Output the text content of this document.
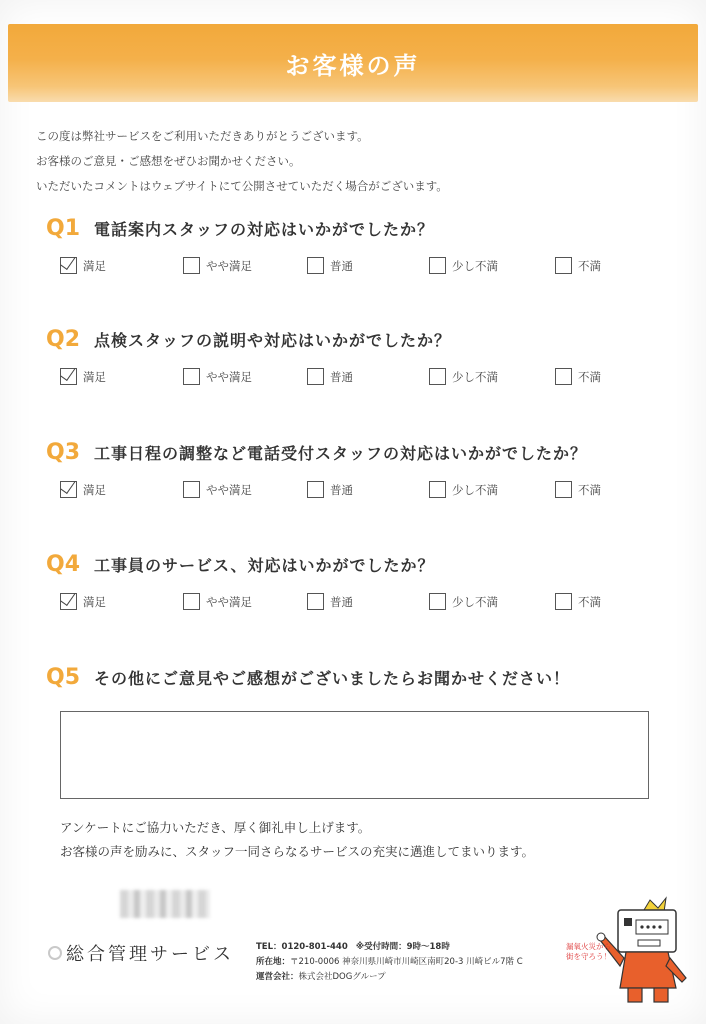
お客様の声
この度は弊社サービスをご利用いただきありがとうございます。
お客様のご意見・ご感想をぜひお聞かせください。
いただいたコメントはウェブサイトにて公開させていただく場合がございます。
Q1 電話案内スタッフの対応はいかがでしたか？
満足	やや満足	普通	少し不満	不満
Q2 点検スタッフの説明や対応はいかがでしたか？
満足	やや満足	普通	少し不満	不満
Q3 工事日程の調整など電話受付スタッフの対応はいかがでしたか？
満足	やや満足	普通	少し不満	不満
Q4 工事員のサービス、対応はいかがでしたか？
満足	やや満足	普通	少し不満	不満
Q5 その他にご意見やご感想がございましたらお聞かせください！
アンケートにご協力いただき、厚く御礼申し上げます。
お客様の声を励みに、スタッフ一同さらなるサービスの充実に邁進してまいります。
総合管理サービス	TEL：0120-801-440 ※受付時間：9時～18時
所在地：〒210-0006 神奈川県川崎市川崎区南町20-3 川崎ビル7階 C
運営会社：株式会社DOGグループ
漏氧火災から
街を守ろう！
